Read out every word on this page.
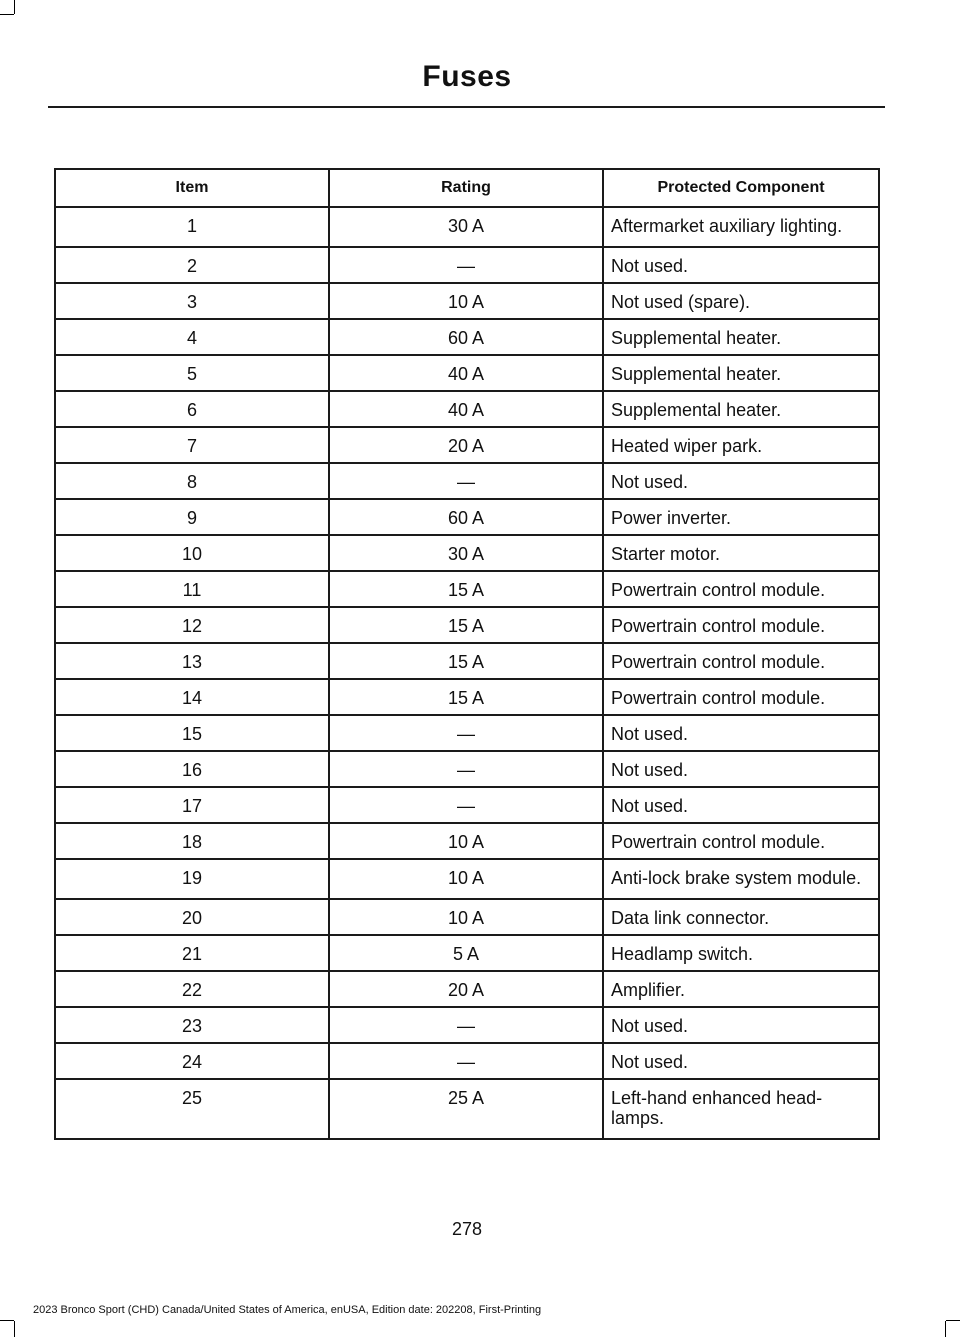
Fuses
Item	Rating	Protected Component
1	30 A	Aftermarket auxiliary lighting.
2	—	Not used.
3	10 A	Not used (spare).
4	60 A	Supplemental heater.
5	40 A	Supplemental heater.
6	40 A	Supplemental heater.
7	20 A	Heated wiper park.
8	—	Not used.
9	60 A	Power inverter.
10	30 A	Starter motor.
11	15 A	Powertrain control module.
12	15 A	Powertrain control module.
13	15 A	Powertrain control module.
14	15 A	Powertrain control module.
15	—	Not used.
16	—	Not used.
17	—	Not used.
18	10 A	Powertrain control module.
19	10 A	Anti-lock brake system module.
20	10 A	Data link connector.
21	5 A	Headlamp switch.
22	20 A	Amplifier.
23	—	Not used.
24	—	Not used.
25	25 A	Left-hand enhanced head-lamps.
278
2023 Bronco Sport (CHD) Canada/United States of America, enUSA, Edition date: 202208, First-Printing
